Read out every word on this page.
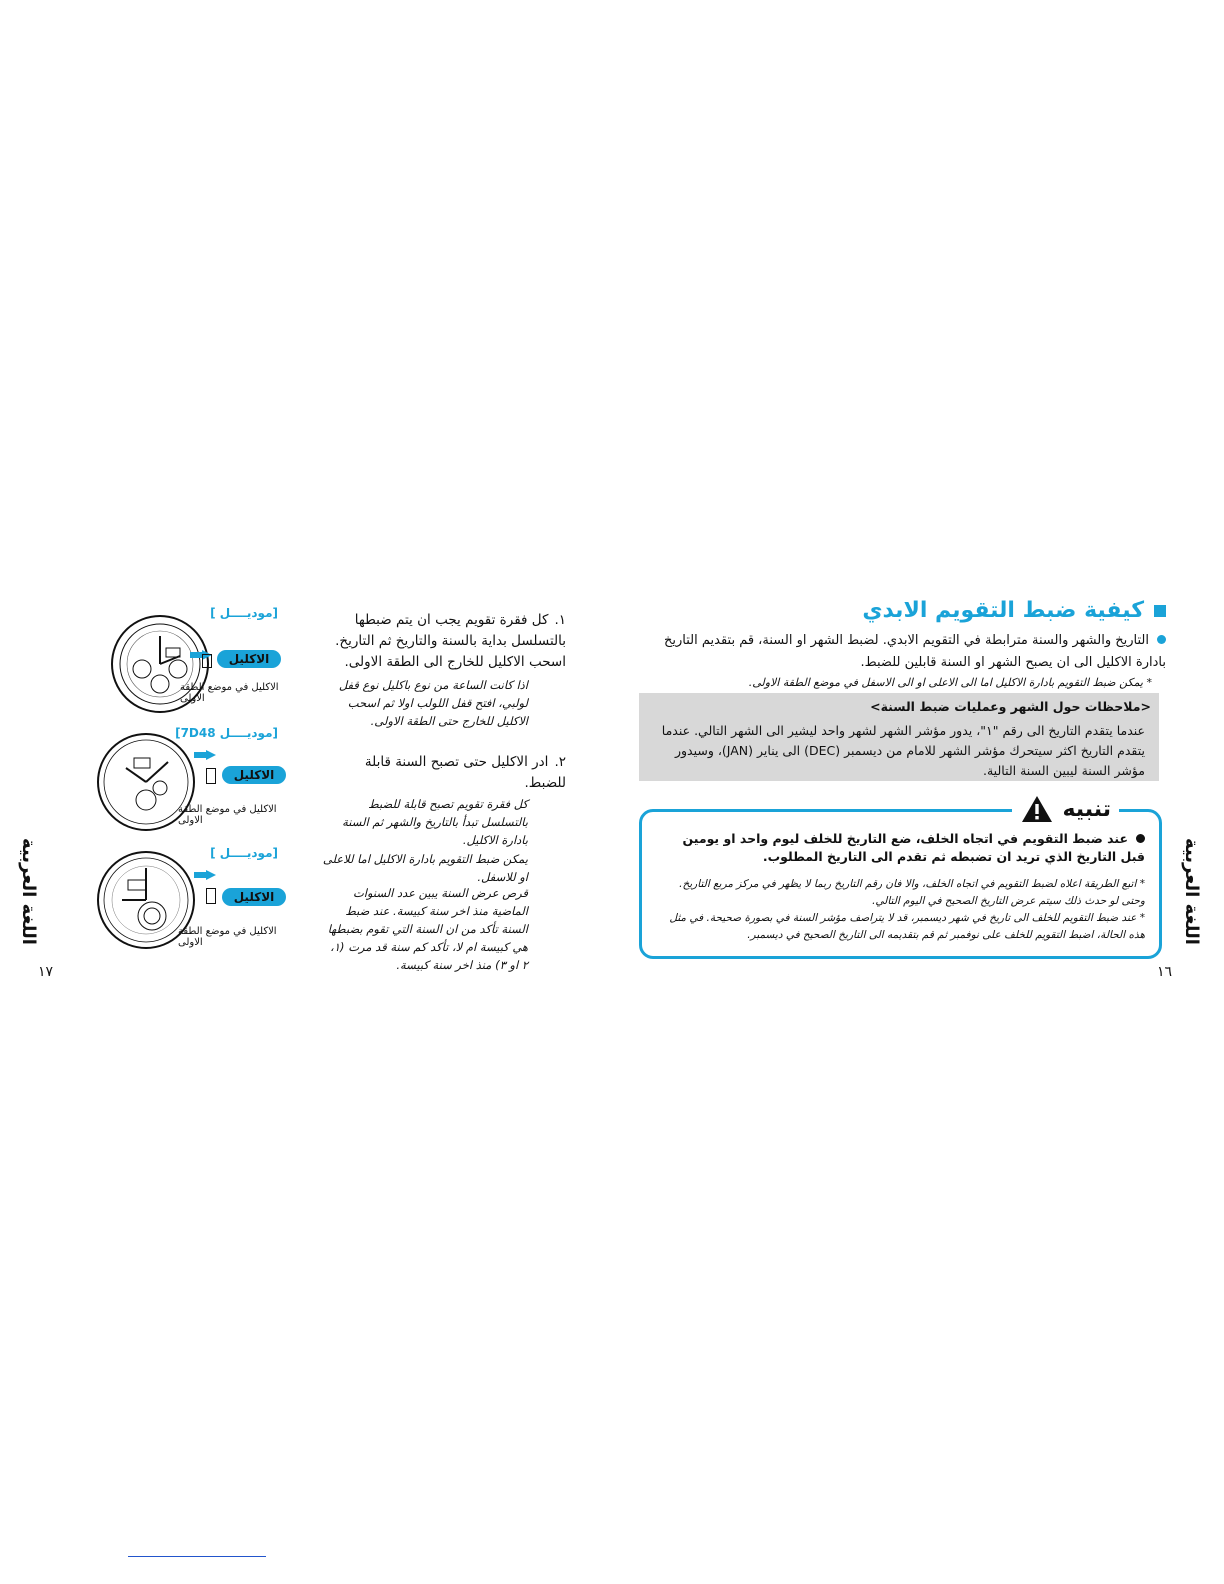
كيفية ضبط التقويم الابدي
التاريخ والشهر والسنة مترابطة في التقويم الابدي. لضبط الشهر او السنة، قم بتقديم التاريخ بادارة الاكليل الى ان يصبح الشهر او السنة قابلين للضبط.
* يمكن ضبط التقويم بادارة الاكليل اما الى الاعلى او الى الاسفل في موضع الطقة الاولى.
<ملاحظات حول الشهر وعمليات ضبط السنة>
عندما يتقدم التاريخ الى رقم "١"، يدور مؤشر الشهر لشهر واحد ليشير الى الشهر التالي. عندما يتقدم التاريخ اكثر سيتحرك مؤشر الشهر للامام من ديسمبر (DEC) الى يناير (JAN)، وسيدور مؤشر السنة ليبين السنة التالية.
تنبيه
عند ضبط التقويم في اتجاه الخلف، ضع التاريخ للخلف ليوم واحد او يومين قبل التاريخ الذي تريد ان تضبطه ثم تقدم الى التاريخ المطلوب.
* اتبع الطريقة اعلاه لضبط التقويم في اتجاه الخلف، والا فان رقم التاريخ ربما لا يظهر في مركز مربع التاريخ. وحتى لو حدث ذلك سيتم عرض التاريخ الصحيح في اليوم التالي.
* عند ضبط التقويم للخلف الى تاريخ في شهر ديسمبر، قد لا يتراصف مؤشر السنة في بصورة صحيحة. في مثل هذه الحالة، اضبط التقويم للخلف على نوفمبر ثم قم بتقديمه الى التاريخ الصحيح في ديسمبر. اللغة العربية
١٦
١.كل فقرة تقويم يجب ان يتم ضبطها بالتسلسل بداية بالسنة والتاريخ ثم التاريخ. اسحب الاكليل للخارج الى الطقة الاولى.
اذا كانت الساعة من نوع باكليل نوع قفل لولبي، افتح قفل اللولب اولا ثم اسحب الاكليل للخارج حتى الطقة الاولى.
٢.ادر الاكليل حتى تصبح السنة قابلة للضبط.
كل فقرة تقويم تصبح قابلة للضبط بالتسلسل تبدأ بالتاريخ والشهر ثم السنة بادارة الاكليل.
يمكن ضبط التقويم بادارة الاكليل اما للاعلى او للاسفل.
قرص عرض السنة يبين عدد السنوات الماضية منذ اخر سنة كبيسة. عند ضبط السنة تأكد من ان السنة التي تقوم بضبطها هي كبيسة ام لا، تأكد كم سنة قد مرت (١، ٢ او ٣) منذ اخر سنة كبيسة.
اللغة العربية
١٧
[موديــــل ]
الاكليل
الاكليل في موضع الطقة الاولى
[موديــــل 7D48]
الاكليل
الاكليل في موضع الطقة الاولى
[موديــــل ]
الاكليل
الاكليل في موضع الطقة الاولى
